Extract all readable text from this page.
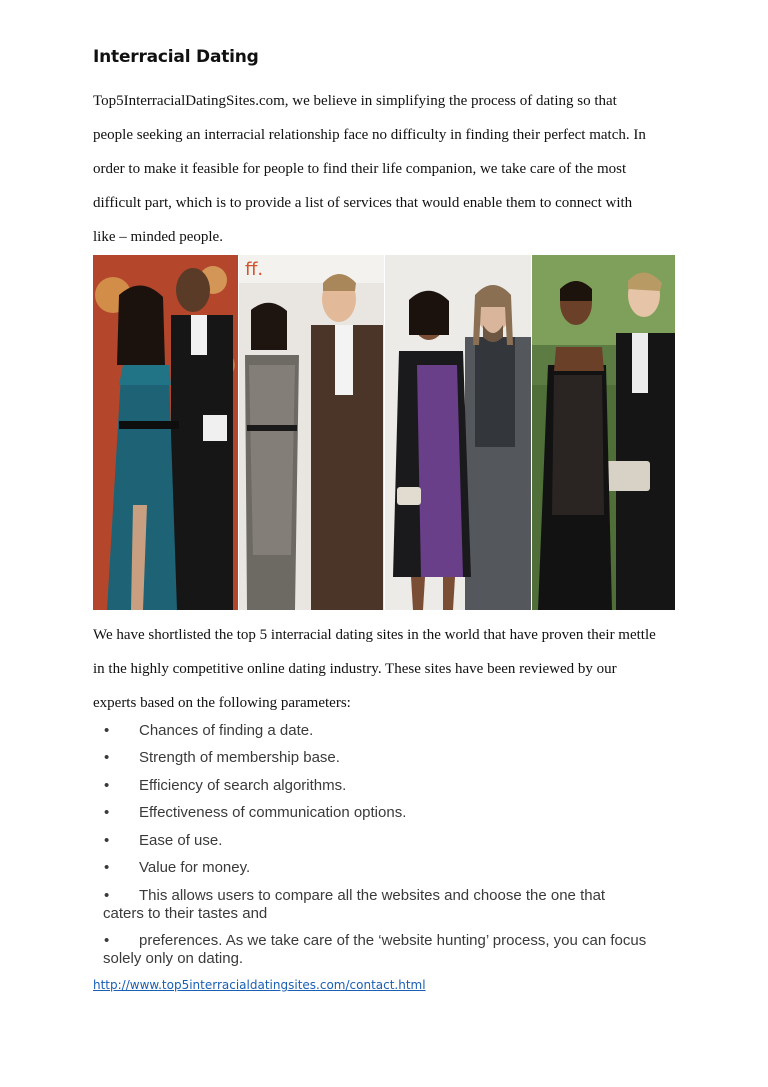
Interracial Dating
Top5InterracialDatingSites.com, we believe in simplifying the process of dating so that
people seeking an interracial relationship face no difficulty in finding their perfect match. In
order to make it feasible for people to find their life companion, we take care of the most
difficult part, which is to provide a list of services that would enable them to connect with
like – minded people.
ff.
We have shortlisted the top 5 interracial dating sites in the world that have proven their mettle
in the highly competitive online dating industry. These sites have been reviewed by our
experts based on the following parameters:
• Chances of finding a date.
• Strength of membership base.
• Efficiency of search algorithms.
• Effectiveness of communication options.
• Ease of use.
• Value for money.
• This allows users to compare all the websites and choose the one that
caters to their tastes and
• preferences. As we take care of the ‘website hunting’ process, you can focus
solely only on dating.
http://www.top5interracialdatingsites.com/contact.html
